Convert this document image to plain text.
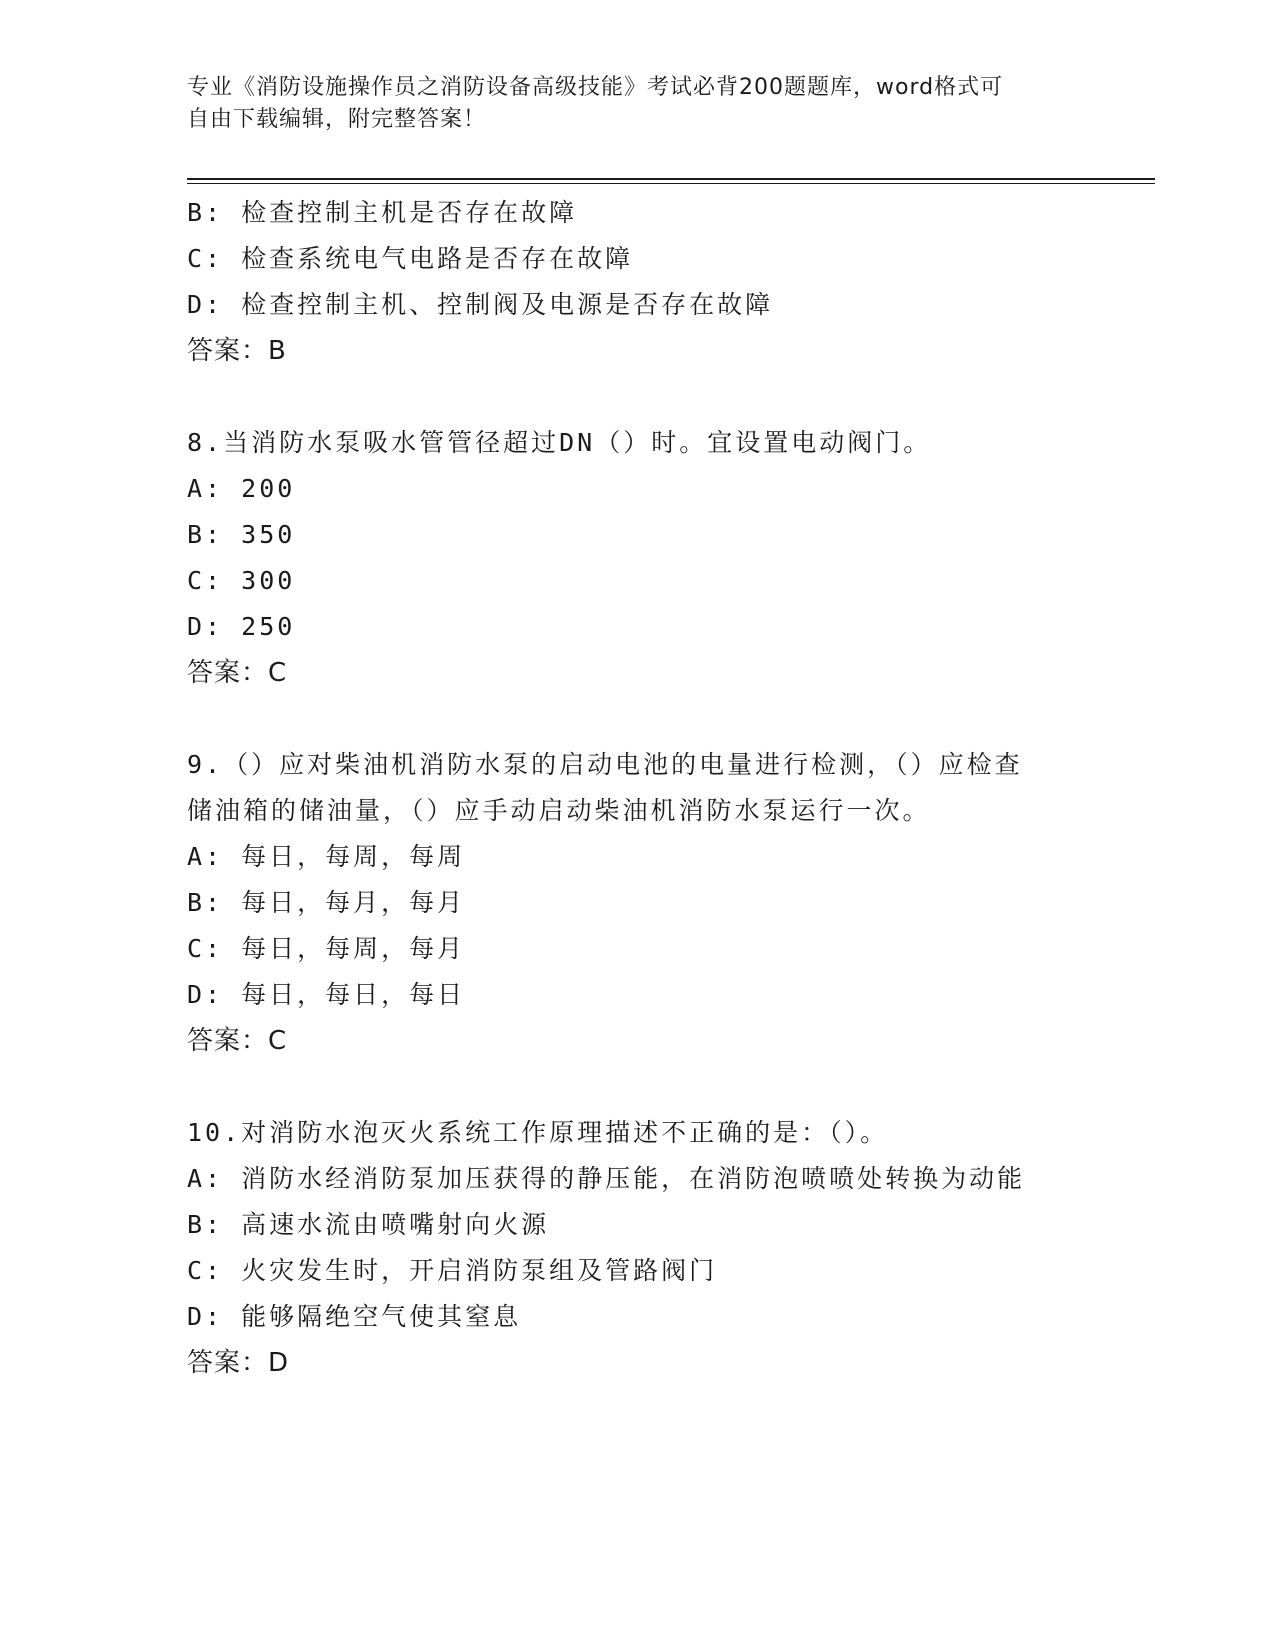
专业《消防设施操作员之消防设备高级技能》考试必背200题题库，word格式可
自由下载编辑，附完整答案！
B: 检查控制主机是否存在故障
C: 检查系统电气电路是否存在故障
D: 检查控制主机、控制阀及电源是否存在故障
答案：B
8.当消防水泵吸水管管径超过DN（）时。宜设置电动阀门。
A: 200
B: 350
C: 300
D: 250
答案：C
9.（）应对柴油机消防水泵的启动电池的电量进行检测，（）应检查
储油箱的储油量，（）应手动启动柴油机消防水泵运行一次。
A: 每日，每周，每周
B: 每日，每月，每月
C: 每日，每周，每月
D: 每日，每日，每日
答案：C
10.对消防水泡灭火系统工作原理描述不正确的是：（）。
A: 消防水经消防泵加压获得的静压能，在消防泡喷喷处转换为动能
B: 高速水流由喷嘴射向火源
C: 火灾发生时，开启消防泵组及管路阀门
D: 能够隔绝空气使其窒息
答案：D
